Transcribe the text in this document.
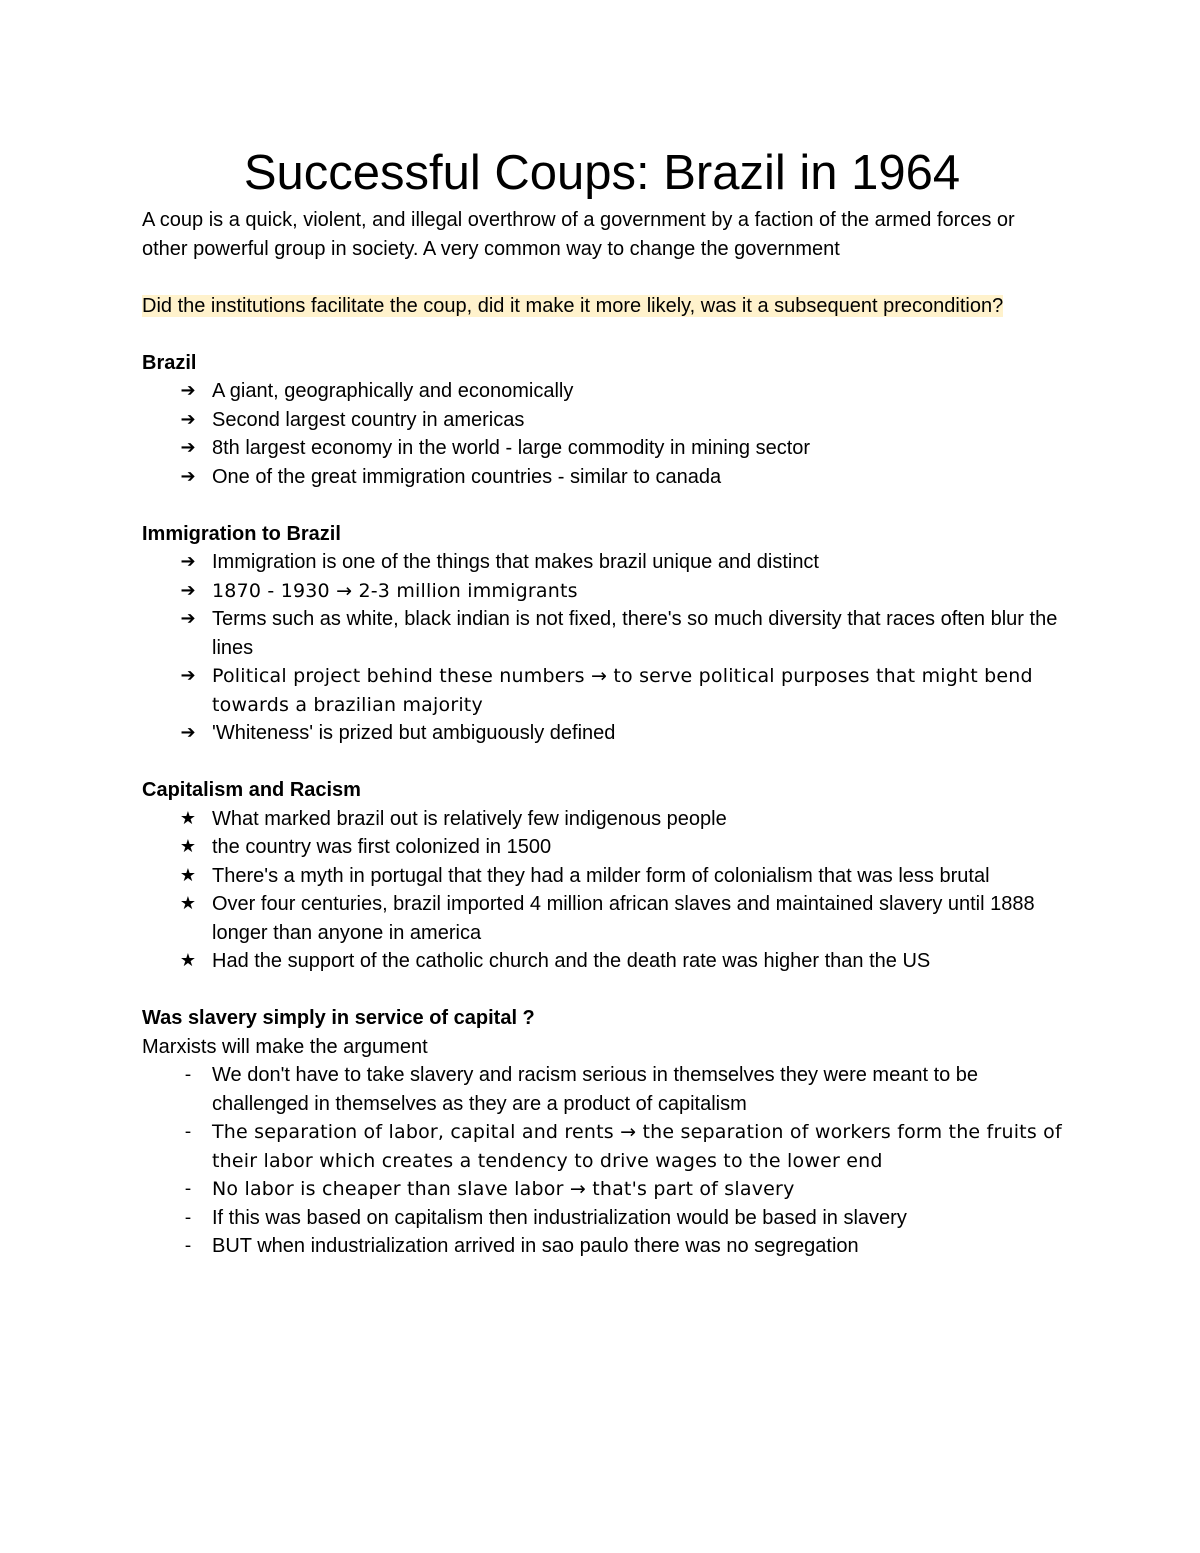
Successful Coups: Brazil in 1964

A coup is a quick, violent, and illegal overthrow of a government by a faction of the armed forces or other powerful group in society. A very common way to change the government

Did the institutions facilitate the coup, did it make it more likely, was it a subsequent precondition?

Brazil

➔ A giant, geographically and economically
➔ Second largest country in americas
➔ 8th largest economy in the world - large commodity in mining sector
➔ One of the great immigration countries - similar to canada

Immigration to Brazil

➔ Immigration is one of the things that makes brazil unique and distinct
➔ 1870 - 1930 → 2-3 million immigrants
➔ Terms such as white, black indian is not fixed, there's so much diversity that races often blur the lines
➔ Political project behind these numbers → to serve political purposes that might bend towards a brazilian majority
➔ 'Whiteness' is prized but ambiguously defined

Capitalism and Racism

★ What marked brazil out is relatively few indigenous people
★ the country was first colonized in 1500
★ There's a myth in portugal that they had a milder form of colonialism that was less brutal
★ Over four centuries, brazil imported 4 million african slaves and maintained slavery until 1888 longer than anyone in america
★ Had the support of the catholic church and the death rate was higher than the US

Was slavery simply in service of capital ?

Marxists will make the argument

-	We don't have to take slavery and racism serious in themselves they were meant to be challenged in themselves as they are a product of capitalism
-	The separation of labor, capital and rents → the separation of workers form the fruits of their labor which creates a tendency to drive wages to the lower end
-	No labor is cheaper than slave labor → that's part of slavery
-	If this was based on capitalism then industrialization would be based in slavery
-	BUT when industrialization arrived in sao paulo there was no segregation
